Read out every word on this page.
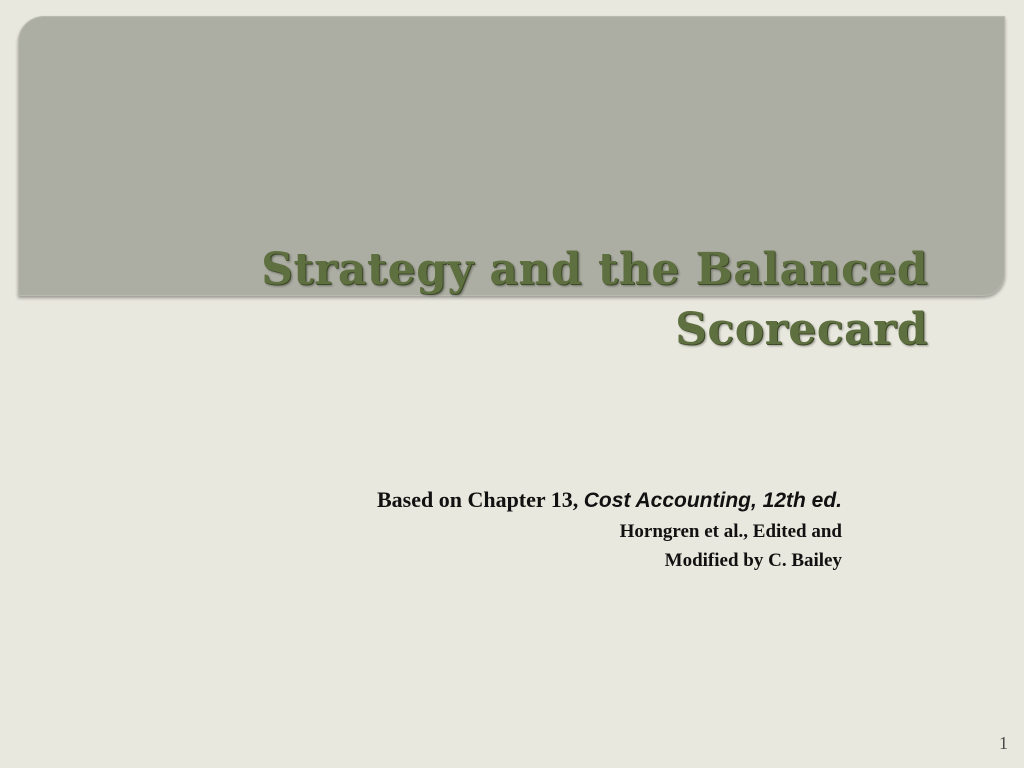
Strategy and the Balanced
Scorecard
Based on Chapter 13, Cost Accounting, 12th ed.
Horngren et al., Edited and
Modified by C. Bailey
1
